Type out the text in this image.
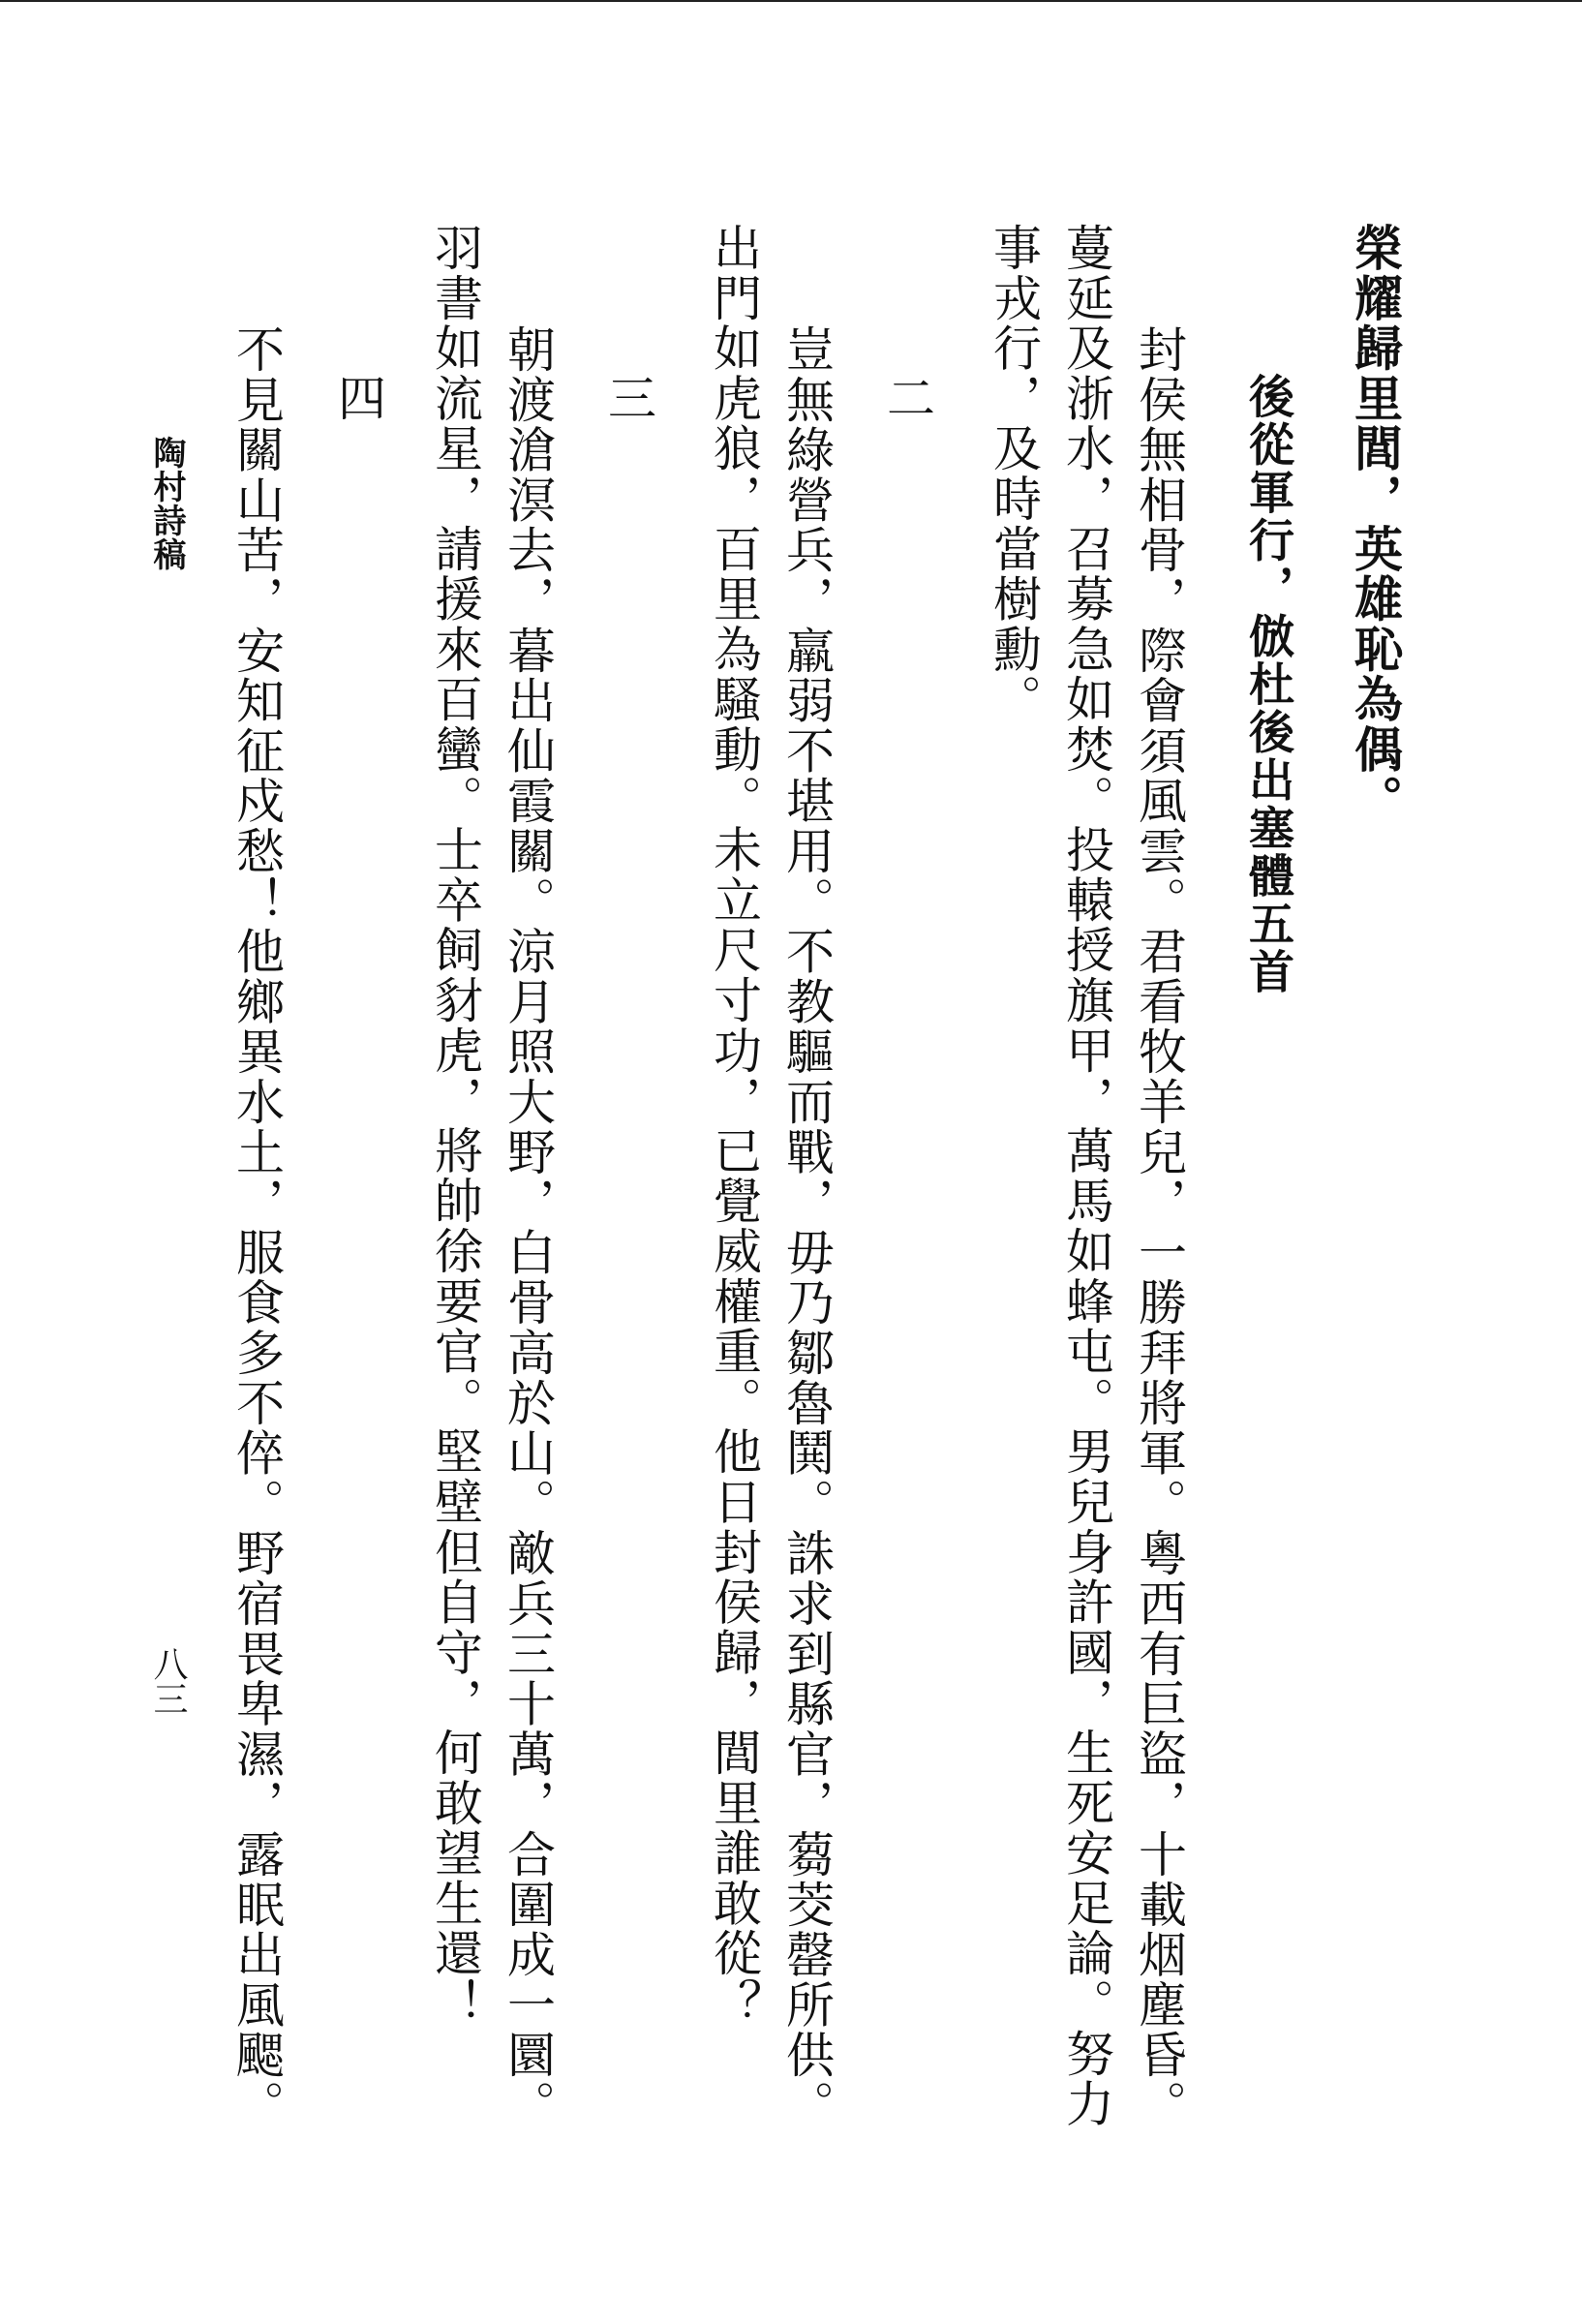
榮耀歸里閭，英雄恥為偶。
後從軍行，倣杜後出塞體五首
封侯無相骨，際會須風雲。君看牧羊兒，一勝拜將軍。粵西有巨盜，十載烟塵昏。
蔓延及浙水，召募急如焚。投轅授旗甲，萬馬如蜂屯。男兒身許國，生死安足論。努力
事戎行，及時當樹勳。
二
豈無綠營兵，羸弱不堪用。不教驅而戰，毋乃鄒魯鬨。誅求到縣官，蒭茭罄所供。
出門如虎狼，百里為騷動。未立尺寸功，已覺威權重。他日封侯歸，閭里誰敢從？
三
朝渡滄溟去，暮出仙霞關。涼月照大野，白骨高於山。敵兵三十萬，合圍成一圜。
羽書如流星，請援來百蠻。士卒飼豺虎，將帥徐要官。堅壁但自守，何敢望生還！
四
不見關山苦，安知征戍愁！他鄉異水土，服食多不倅。野宿畏卑濕，露眠出風颸。
陶村詩稿
八三
